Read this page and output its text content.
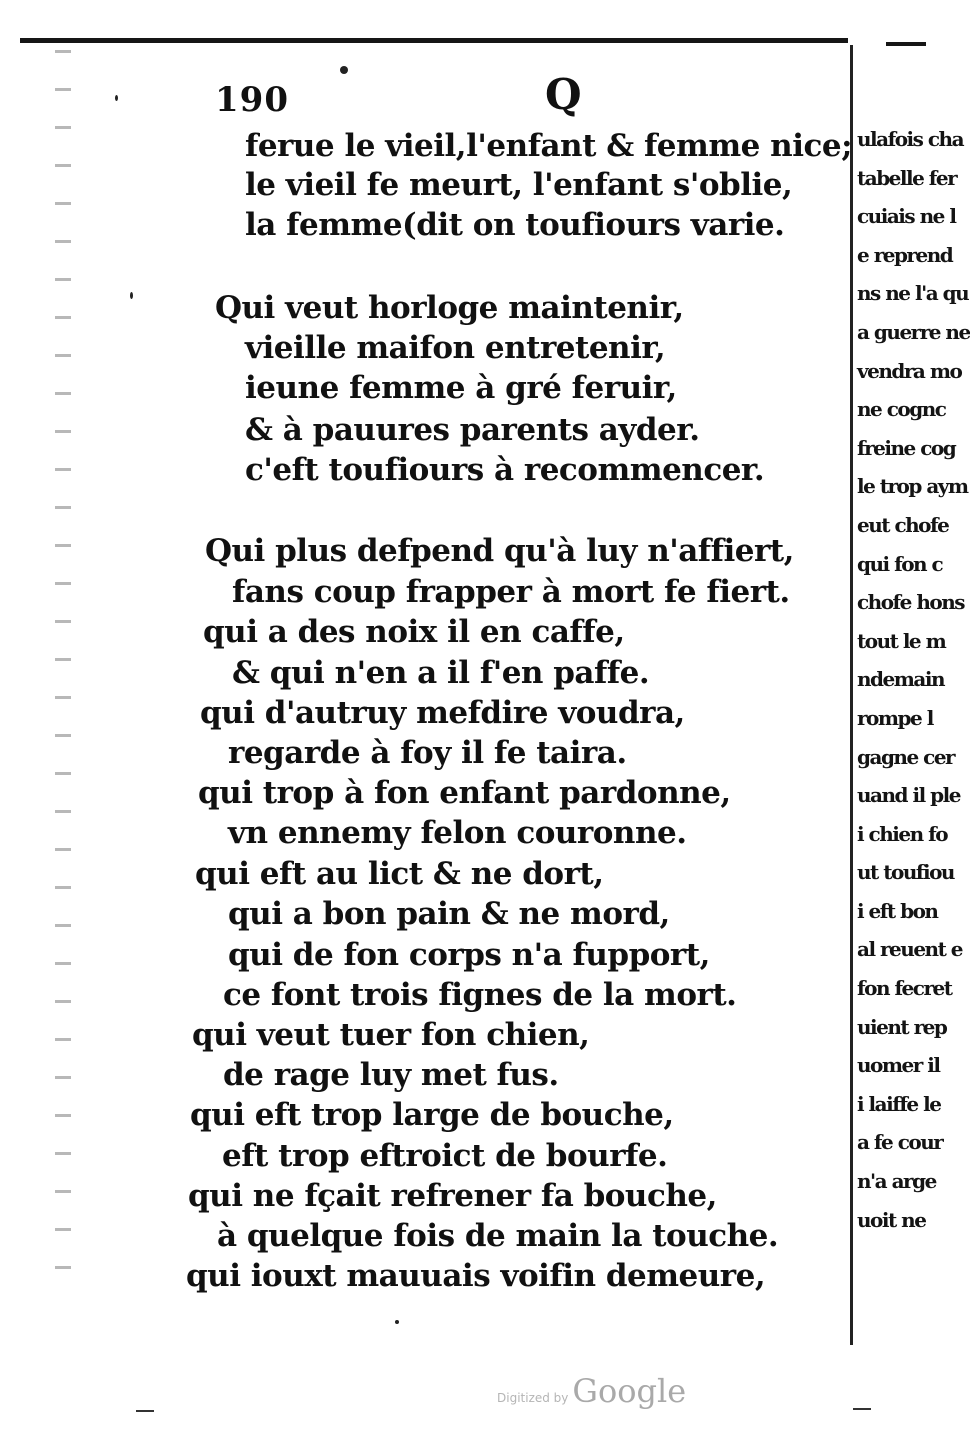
190	Q
ferue le vieil,l'enfant & femme nice;
le vieil fe meurt, l'enfant s'oblie,
la femme(dit on toufiours varie.
Qui veut horloge maintenir,
vieille maifon entretenir,
ieune femme à gré feruir,
& à pauures parents ayder.
c'eft toufiours à recommencer.
Qui plus defpend qu'à luy n'affiert,
fans coup frapper à mort fe fiert.
qui a des noix il en caffe,
& qui n'en a il f'en paffe.
qui d'autruy mefdire voudra,
regarde à foy il fe taira.
qui trop à fon enfant pardonne,
vn ennemy felon couronne.
qui eft au lict & ne dort,
qui a bon pain & ne mord,
qui de fon corps n'a fupport,
ce font trois fignes de la mort.
qui veut tuer fon chien,
de rage luy met fus.
qui eft trop large de bouche,
eft trop eftroict de bourfe.
qui ne fçait refrener fa bouche,
à quelque fois de main la touche.
qui iouxt mauuais voifin demeure,
ulafois cha
tabelle fer
cuiais ne l
e reprend
ns ne l'a qu
a guerre ne
vendra mo
ne cognc
freine cog
le trop aym
eut chofe
qui fon c
chofe hons
tout le m
ndemain
rompe l
gagne cer
uand il ple
i chien fo
ut toufiou
i eft bon
al reuent e
fon fecret
uient rep
uomer il
i laiffe le
a fe cour
n'a arge
uoit ne
Digitized by Google
